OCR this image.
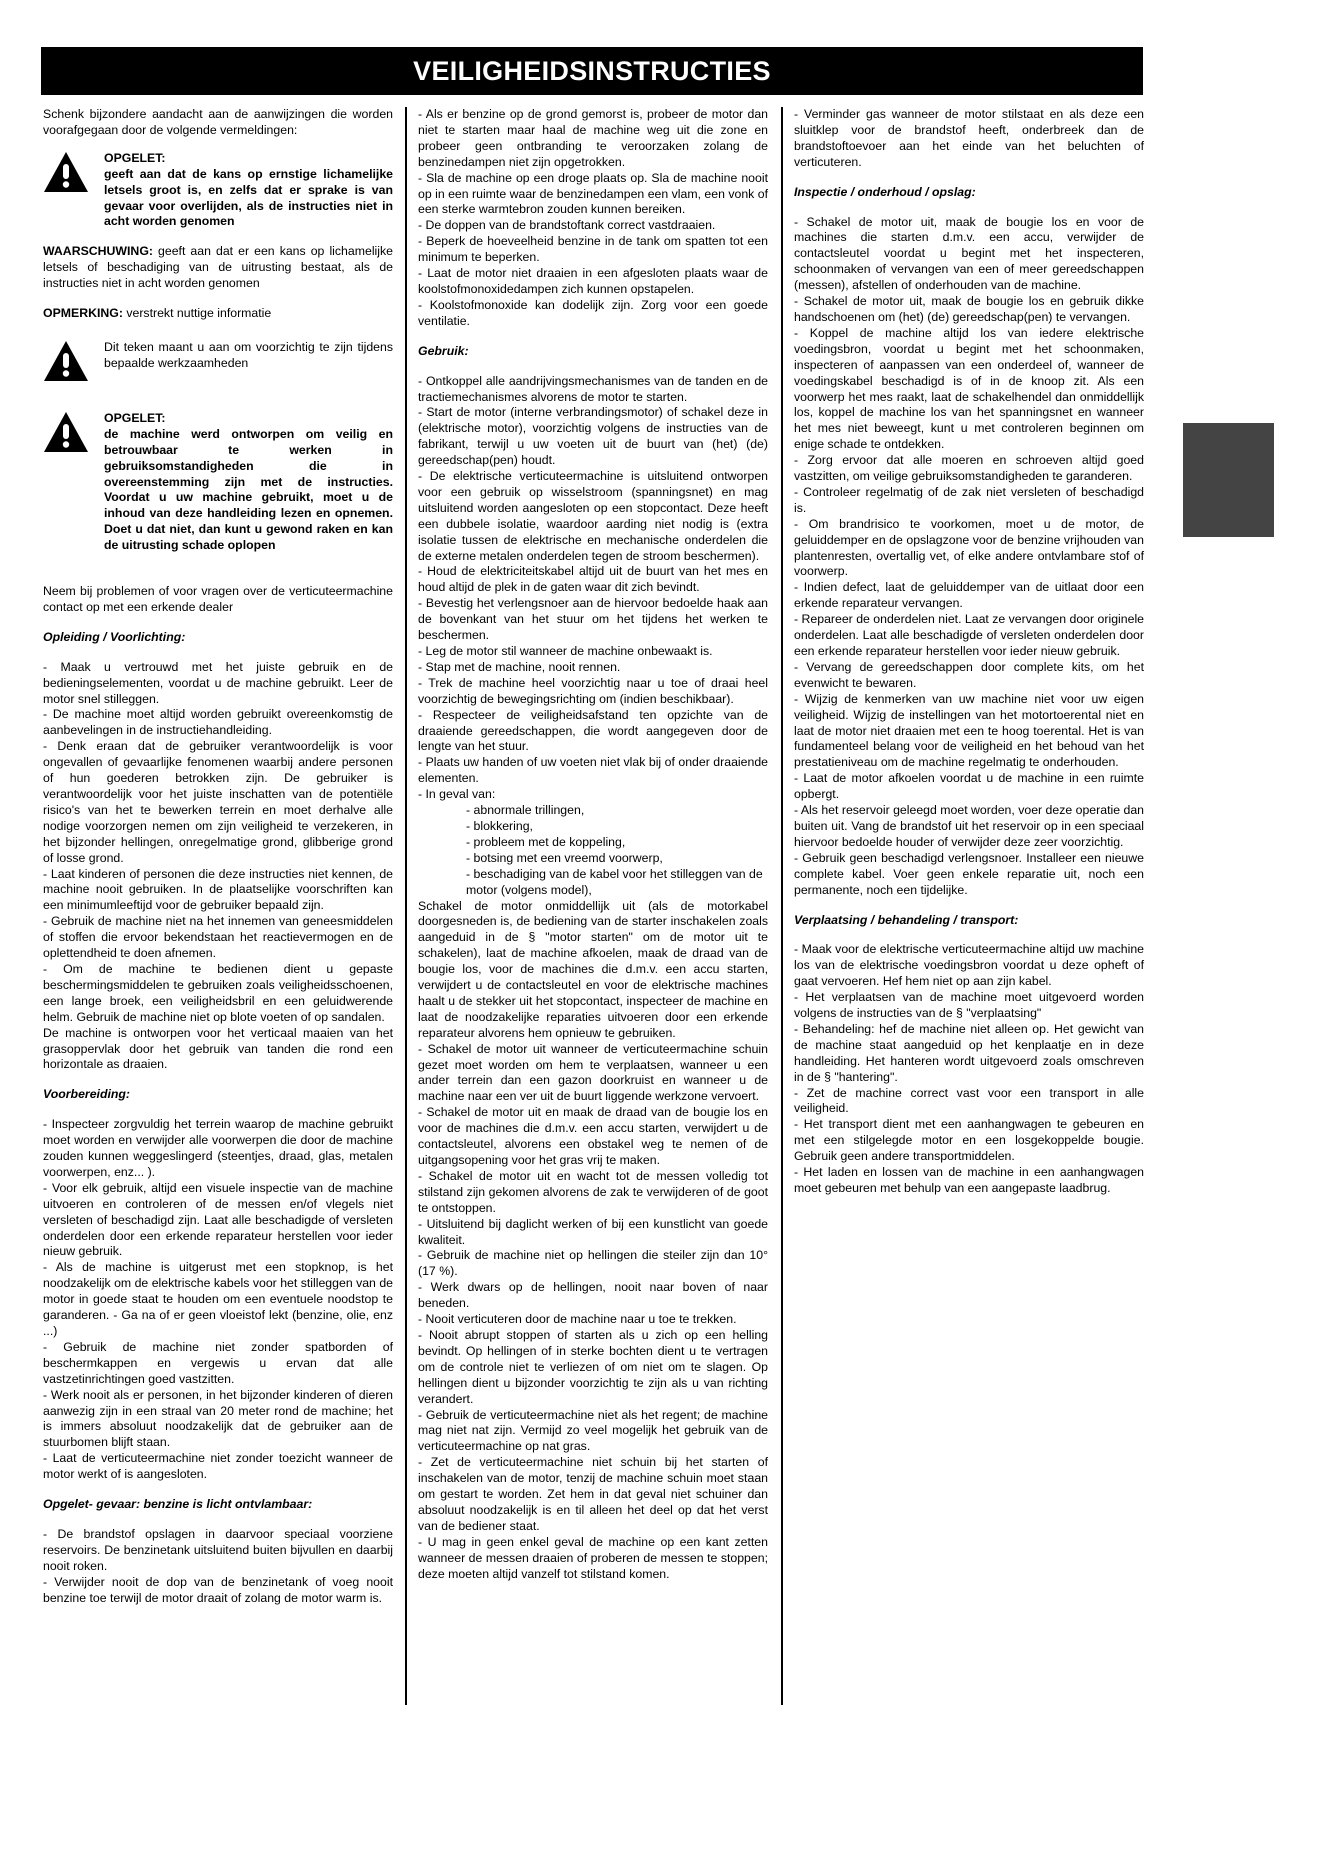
VEILIGHEIDSINSTRUCTIES

Schenk bijzondere aandacht aan de aanwijzingen die worden voorafgegaan door de volgende vermeldingen:

OPGELET:

geeft aan dat de kans op ernstige lichamelijke letsels groot is, en zelfs dat er sprake is van gevaar voor overlijden, als de instructies niet in acht worden genomen

WAARSCHUWING: geeft aan dat er een kans op lichamelijke letsels of beschadiging van de uitrusting bestaat, als de instructies niet in acht worden genomen

OPMERKING: verstrekt nuttige informatie

Dit teken maant u aan om voorzichtig te zijn tijdens bepaalde werkzaamheden

OPGELET:

de machine werd ontworpen om veilig en betrouwbaar te werken in gebruiksomstandigheden die in overeenstemming zijn met de instructies. Voordat u uw machine gebruikt, moet u de inhoud van deze handleiding lezen en opnemen. Doet u dat niet, dan kunt u gewond raken en kan de uitrusting schade oplopen

Neem bij problemen of voor vragen over de verticuteermachine contact op met een erkende dealer

Opleiding / Voorlichting:

- Maak u vertrouwd met het juiste gebruik en de bedieningselementen, voordat u de machine gebruikt. Leer de motor snel stilleggen.

- De machine moet altijd worden gebruikt overeenkomstig de aanbevelingen in de instructiehandleiding.

- Denk eraan dat de gebruiker verantwoordelijk is voor ongevallen of gevaarlijke fenomenen waarbij andere personen of hun goederen betrokken zijn. De gebruiker is verantwoordelijk voor het juiste inschatten van de potentiële risico's van het te bewerken terrein en moet derhalve alle nodige voorzorgen nemen om zijn veiligheid te verzekeren, in het bijzonder hellingen, onregelmatige grond, glibberige grond of losse grond.

- Laat kinderen of personen die deze instructies niet kennen, de machine nooit gebruiken. In de plaatselijke voorschriften kan een minimumleeftijd voor de gebruiker bepaald zijn.

- Gebruik de machine niet na het innemen van geneesmiddelen of stoffen die ervoor bekendstaan het reactievermogen en de oplettendheid te doen afnemen.

- Om de machine te bedienen dient u gepaste beschermingsmiddelen te gebruiken zoals veiligheidsschoenen, een lange broek, een veiligheidsbril en een geluidwerende helm. Gebruik de machine niet op blote voeten of op sandalen.

De machine is ontworpen voor het verticaal maaien van het grasoppervlak door het gebruik van tanden die rond een horizontale as draaien.

Voorbereiding:

- Inspecteer zorgvuldig het terrein waarop de machine gebruikt moet worden en verwijder alle voorwerpen die door de machine zouden kunnen weggeslingerd (steentjes, draad, glas, metalen voorwerpen, enz... ).

- Voor elk gebruik, altijd een visuele inspectie van de machine uitvoeren en controleren of de messen en/of vlegels niet versleten of beschadigd zijn. Laat alle beschadigde of versleten onderdelen door een erkende reparateur herstellen voor ieder nieuw gebruik.

- Als de machine is uitgerust met een stopknop, is het noodzakelijk om de elektrische kabels voor het stilleggen van de motor in goede staat te houden om een eventuele noodstop te garanderen. - Ga na of er geen vloeistof lekt (benzine, olie, enz ...)

- Gebruik de machine niet zonder spatborden of beschermkappen en vergewis u ervan dat alle vastzetinrichtingen goed vastzitten.

- Werk nooit als er personen, in het bijzonder kinderen of dieren aanwezig zijn in een straal van 20 meter rond de machine; het is immers absoluut noodzakelijk dat de gebruiker aan de stuurbomen blijft staan.

- Laat de verticuteermachine niet zonder toezicht wanneer de motor werkt of is aangesloten.

Opgelet- gevaar: benzine is licht ontvlambaar:

- De brandstof opslagen in daarvoor speciaal voorziene reservoirs. De benzinetank uitsluitend buiten bijvullen en daarbij nooit roken.

- Verwijder nooit de dop van de benzinetank of voeg nooit benzine toe terwijl de motor draait of zolang de motor warm is.

- Als er benzine op de grond gemorst is, probeer de motor dan niet te starten maar haal de machine weg uit die zone en probeer geen ontbranding te veroorzaken zolang de benzinedampen niet zijn opgetrokken.

- Sla de machine op een droge plaats op. Sla de machine nooit op in een ruimte waar de benzinedampen een vlam, een vonk of een sterke warmtebron zouden kunnen bereiken.

- De doppen van de brandstoftank correct vastdraaien.

- Beperk de hoeveelheid benzine in de tank om spatten tot een minimum te beperken.

- Laat de motor niet draaien in een afgesloten plaats waar de koolstofmonoxidedampen zich kunnen opstapelen.

- Koolstofmonoxide kan dodelijk zijn. Zorg voor een goede ventilatie.

Gebruik:

- Ontkoppel alle aandrijvingsmechanismes van de tanden en de tractiemechanismes alvorens de motor te starten.

- Start de motor (interne verbrandingsmotor) of schakel deze in (elektrische motor), voorzichtig volgens de instructies van de fabrikant, terwijl u uw voeten uit de buurt van (het) (de) gereedschap(pen) houdt.

- De elektrische verticuteermachine is uitsluitend ontworpen voor een gebruik op wisselstroom (spanningsnet) en mag uitsluitend worden aangesloten op een stopcontact. Deze heeft een dubbele isolatie, waardoor aarding niet nodig is (extra isolatie tussen de elektrische en mechanische onderdelen die de externe metalen onderdelen tegen de stroom beschermen).

- Houd de elektriciteitskabel altijd uit de buurt van het mes en houd altijd de plek in de gaten waar dit zich bevindt.

- Bevestig het verlengsnoer aan de hiervoor bedoelde haak aan de bovenkant van het stuur om het tijdens het werken te beschermen.

- Leg de motor stil wanneer de machine onbewaakt is.

- Stap met de machine, nooit rennen.

- Trek de machine heel voorzichtig naar u toe of draai heel voorzichtig de bewegingsrichting om (indien beschikbaar).

- Respecteer de veiligheidsafstand ten opzichte van de draaiende gereedschappen, die wordt aangegeven door de lengte van het stuur.

- Plaats uw handen of uw voeten niet vlak bij of onder draaiende elementen.

- In geval van:

- abnormale trillingen,

- blokkering,

- probleem met de koppeling,

- botsing met een vreemd voorwerp,

- beschadiging van de kabel voor het stilleggen van de motor (volgens model),

Schakel de motor onmiddellijk uit (als de motorkabel doorgesneden is, de bediening van de starter inschakelen zoals aangeduid in de § "motor starten" om de motor uit te schakelen), laat de machine afkoelen, maak de draad van de bougie los, voor de machines die d.m.v. een accu starten, verwijdert u de contactsleutel en voor de elektrische machines haalt u de stekker uit het stopcontact, inspecteer de machine en laat de noodzakelijke reparaties uitvoeren door een erkende reparateur alvorens hem opnieuw te gebruiken.

- Schakel de motor uit wanneer de verticuteermachine schuin gezet moet worden om hem te verplaatsen, wanneer u een ander terrein dan een gazon doorkruist en wanneer u de machine naar een ver uit de buurt liggende werkzone vervoert.

- Schakel de motor uit en maak de draad van de bougie los en voor de machines die d.m.v. een accu starten, verwijdert u de contactsleutel, alvorens een obstakel weg te nemen of de uitgangsopening voor het gras vrij te maken.

- Schakel de motor uit en wacht tot de messen volledig tot stilstand zijn gekomen alvorens de zak te verwijderen of de goot te ontstoppen.

- Uitsluitend bij daglicht werken of bij een kunstlicht van goede kwaliteit.

- Gebruik de machine niet op hellingen die steiler zijn dan 10° (17 %).

- Werk dwars op de hellingen, nooit naar boven of naar beneden.

- Nooit verticuteren door de machine naar u toe te trekken.

- Nooit abrupt stoppen of starten als u zich op een helling bevindt. Op hellingen of in sterke bochten dient u te vertragen om de controle niet te verliezen of om niet om te slagen. Op hellingen dient u bijzonder voorzichtig te zijn als u van richting verandert.

- Gebruik de verticuteermachine niet als het regent; de machine mag niet nat zijn. Vermijd zo veel mogelijk het gebruik van de verticuteermachine op nat gras.

- Zet de verticuteermachine niet schuin bij het starten of inschakelen van de motor, tenzij de machine schuin moet staan om gestart te worden. Zet hem in dat geval niet schuiner dan absoluut noodzakelijk is en til alleen het deel op dat het verst van de bediener staat.

- U mag in geen enkel geval de machine op een kant zetten wanneer de messen draaien of proberen de messen te stoppen; deze moeten altijd vanzelf tot stilstand komen.

- Verminder gas wanneer de motor stilstaat en als deze een sluitklep voor de brandstof heeft, onderbreek dan de brandstoftoevoer aan het einde van het beluchten of verticuteren.

Inspectie / onderhoud / opslag:

- Schakel de motor uit, maak de bougie los en voor de machines die starten d.m.v. een accu, verwijder de contactsleutel voordat u begint met het inspecteren, schoonmaken of vervangen van een of meer gereedschappen (messen), afstellen of onderhouden van de machine.

- Schakel de motor uit, maak de bougie los en gebruik dikke handschoenen om (het) (de) gereedschap(pen) te vervangen.

- Koppel de machine altijd los van iedere elektrische voedingsbron, voordat u begint met het schoonmaken, inspecteren of aanpassen van een onderdeel of, wanneer de voedingskabel beschadigd is of in de knoop zit. Als een voorwerp het mes raakt, laat de schakelhendel dan onmiddellijk los, koppel de machine los van het spanningsnet en wanneer het mes niet beweegt, kunt u met controleren beginnen om enige schade te ontdekken.

- Zorg ervoor dat alle moeren en schroeven altijd goed vastzitten, om veilige gebruiksomstandigheden te garanderen.

- Controleer regelmatig of de zak niet versleten of beschadigd is.

- Om brandrisico te voorkomen, moet u de motor, de geluiddemper en de opslagzone voor de benzine vrijhouden van plantenresten, overtallig vet, of elke andere ontvlambare stof of voorwerp.

- Indien defect, laat de geluiddemper van de uitlaat door een erkende reparateur vervangen.

- Repareer de onderdelen niet. Laat ze vervangen door originele onderdelen. Laat alle beschadigde of versleten onderdelen door een erkende reparateur herstellen voor ieder nieuw gebruik.

- Vervang de gereedschappen door complete kits, om het evenwicht te bewaren.

- Wijzig de kenmerken van uw machine niet voor uw eigen veiligheid. Wijzig de instellingen van het motortoerental niet en laat de motor niet draaien met een te hoog toerental. Het is van fundamenteel belang voor de veiligheid en het behoud van het prestatieniveau om de machine regelmatig te onderhouden.

- Laat de motor afkoelen voordat u de machine in een ruimte opbergt.

- Als het reservoir geleegd moet worden, voer deze operatie dan buiten uit. Vang de brandstof uit het reservoir op in een speciaal hiervoor bedoelde houder of verwijder deze zeer voorzichtig.

- Gebruik geen beschadigd verlengsnoer. Installeer een nieuwe complete kabel. Voer geen enkele reparatie uit, noch een permanente, noch een tijdelijke.

Verplaatsing / behandeling / transport:

- Maak voor de elektrische verticuteermachine altijd uw machine los van de elektrische voedingsbron voordat u deze opheft of gaat vervoeren. Hef hem niet op aan zijn kabel.

- Het verplaatsen van de machine moet uitgevoerd worden volgens de instructies van de § "verplaatsing"

- Behandeling: hef de machine niet alleen op. Het gewicht van de machine staat aangeduid op het kenplaatje en in deze handleiding. Het hanteren wordt uitgevoerd zoals omschreven in de § "hantering".

- Zet de machine correct vast voor een transport in alle veiligheid.

- Het transport dient met een aanhangwagen te gebeuren en met een stilgelegde motor en een losgekoppelde bougie. Gebruik geen andere transportmiddelen.

- Het laden en lossen van de machine in een aanhangwagen moet gebeuren met behulp van een aangepaste laadbrug.
